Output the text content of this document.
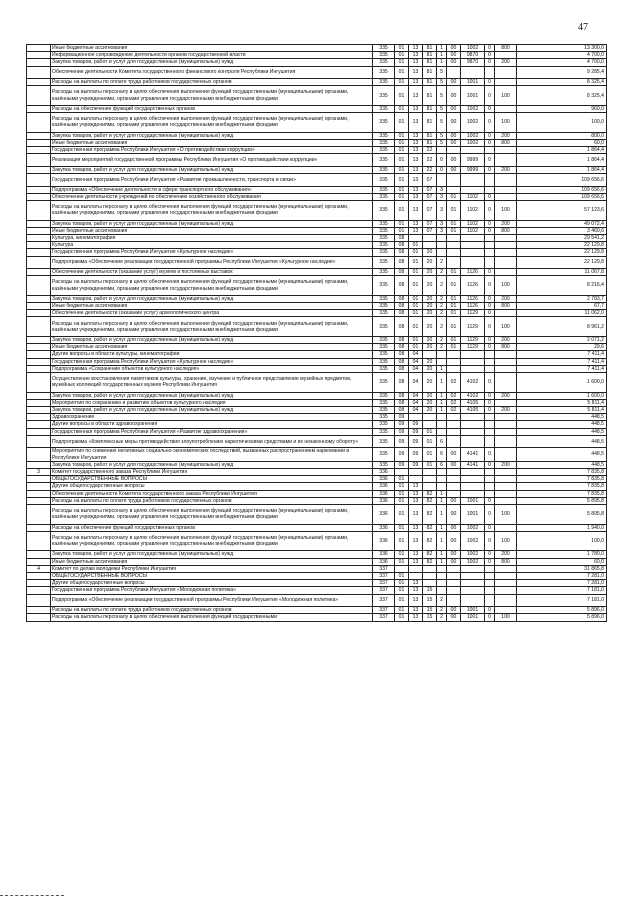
47
	Иные бюджетные ассигнования	335	01	13	81	1	00	1002	0	800	13 300,0
	Информационное сопровождение деятельности органов государственной власти	335	01	13	81	1	00	9870	0		4 700,0
	Закупка товаров, работ и услуг для государственных (муниципальных) нужд	335	01	13	81	1	00	9870	0	200	4 700,0
	Обеспечение деятельности Комитета государственного финансового контроля Республики Ингушетия	335	01	13	81	5					9 285,4
	Расходы на выплаты по оплате труда работников государственных органов	335	01	13	81	5	00	1001	0		8 325,4
	Расходы на выплаты персоналу в целях обеспечения выполнения функций государственными (муниципальными) органами, казёнными учреждениями, органами управления государственными внебюджетными фондами	335	01	13	81	5	00	1001	0	100	8 325,4
	Расходы на обеспечение функций государственных органов	335	01	13	81	5	00	1002	0		960,0
	Расходы на выплаты персоналу в целях обеспечения выполнения функций государственными (муниципальными) органами, казёнными учреждениями, органами управления государственными внебюджетными фондами	335	01	13	81	5	00	1002	0	100	100,0
	Закупка товаров, работ и услуг для государственных (муниципальных) нужд	335	01	13	81	5	00	1002	0	200	800,0
	Иные бюджетные ассигнования	335	01	13	81	5	00	1002	0	800	60,0
	Государственная программа Республики Ингушетия «О противодействии коррупции»	335	01	13	22						1 864,4
	Реализация мероприятий государственной программы Республики Ингушетия «О противодействии коррупции»	335	01	13	22	0	00	9999	0		1 864,4
	Закупка товаров, работ и услуг для государственных (муниципальных) нужд	335	01	13	22	0	00	9999	0	200	1 864,4
	Государственная программа Республики Ингушетия «Развитие промышленности, транспорта и связи»	335	01	13	07						109 656,6
	Подпрограмма «Обеспечение деятельности в сфере транспортного обслуживания»	335	01	13	07	3					109 656,6
	Обеспечение деятельности учреждений по обеспечению хозяйственного обслуживания	335	01	13	07	3	01	1102	0		109 656,6
	Расходы на выплаты персоналу в целях обеспечения выполнения функций государственными (муниципальными) органами, казёнными учреждениями, органами управления государственными внебюджетными фондами	335	01	13	07	3	01	1102	0	100	57 123,6
	Закупка товаров, работ и услуг для государственных (муниципальных) нужд	335	01	13	07	3	01	1102	0	200	49 072,4
	Иные бюджетные ассигнования	335	01	13	07	3	01	1102	0	800	3 460,6
	Культура, кинематография	335	08								29 541,2
	Культура	335	08	01							22 129,8
	Государственная программа Республики Ингушетия «Культурное наследие»	335	08	01	20						22 129,8
	Подпрограмма «Обеспечение реализации государственной программы Республики Ингушетия «Культурное наследие»	335	08	01	20	2					22 129,8
	Обеспечение деятельности (оказание услуг) музеев и постоянных выставок	335	08	01	20	2	01	1126	0		11 067,8
	Расходы на выплаты персоналу в целях обеспечения выполнения функций государственными (муниципальными) органами, казёнными учреждениями, органами управления государственными внебюджетными фондами	335	08	01	20	2	01	1126	0	100	8 216,4
	Закупка товаров, работ и услуг для государственных (муниципальных) нужд	335	08	01	20	2	01	1126	0	200	2 783,7
	Иные бюджетные ассигнования	335	08	01	20	2	01	1126	0	800	67,7
	Обеспечение деятельности (оказание услуг) археологического центра	335	08	01	20	2	01	1129	0		11 062,0
	Расходы на выплаты персоналу в целях обеспечения выполнения функций государственными (муниципальными) органами, казёнными учреждениями, органами управления государственными внебюджетными фондами	335	08	01	20	2	01	1129	0	100	8 961,2
	Закупка товаров, работ и услуг для государственных (муниципальных) нужд	335	08	01	20	2	01	1129	0	200	2 071,2
	Иные бюджетные ассигнования	335	08	01	20	2	01	1129	0	800	29,6
	Другие вопросы в области культуры, кинематографии	335	08	04							7 411,4
	Государственная программа Республики Ингушетия «Культурное наследие»	335	08	04	20						7 411,4
	Подпрограмма «Сохранение объектов культурного наследия»	335	08	04	20	1					7 411,4
	Осуществление восстановления памятников культуры, хранение, изучение и публичное представление музейных предметов, музейных коллекций государственных музеев Республики Ингушетия	335	08	04	20	1	02	4102	0		1 600,0
	Закупка товаров, работ и услуг для государственных (муниципальных) нужд	335	08	04	20	1	02	4102	0	200	1 600,0
	Мероприятия по сохранению и развитию объектов культурного наследия	335	08	04	20	1	02	4105	0		5 811,4
	Закупка товаров, работ и услуг для государственных (муниципальных) нужд	335	08	04	20	1	02	4105	0	200	5 811,4
	Здравоохранение	335	09								448,5
	Другие вопросы в области здравоохранения	335	09	09							448,5
	Государственная программа Республики Ингушетия «Развитие здравоохранения»	335	09	09	01						448,5
	Подпрограмма «Комплексные меры противодействия злоупотреблению наркотическими средствами и их незаконному обороту»	335	09	09	01	6					448,5
	Мероприятия по снижению негативных социально-экономических последствий, вызванных распространением наркомании в Республике Ингушетия	335	09	09	01	6	00	4141	0		448,5
	Закупка товаров, работ и услуг для государственных (муниципальных) нужд	335	09	09	01	6	00	4141	0	200	448,5
3	Комитет государственного заказа Республики Ингушетия	336									7 835,8
	ОБЩЕГОСУДАРСТВЕННЫЕ ВОПРОСЫ	336	01								7 835,8
	Другие общегосударственные вопросы	336	01	13							7 835,8
	Обеспечение деятельности Комитета государственного заказа Республики Ингушетия	336	01	13	82	1					7 835,8
	Расходы на выплаты по оплате труда работников государственных органов	336	01	13	82	1	00	1001	0		5 895,8
	Расходы на выплаты персоналу в целях обеспечения выполнения функций государственными (муниципальными) органами, казёнными учреждениями, органами управления государственными внебюджетными фондами	336	01	13	82	1	00	1001	0	100	5 895,8
	Расходы на обеспечение функций государственных органов	336	01	13	82	1	00	1002	0		1 940,0
	Расходы на выплаты персоналу в целях обеспечения выполнения функций государственными (муниципальными) органами, казёнными учреждениями, органами управления государственными внебюджетными фондами	336	01	13	82	1	00	1002	0	100	100,0
	Закупка товаров, работ и услуг для государственных (муниципальных) нужд	336	01	13	82	1	00	1002	0	200	1 780,0
	Иные бюджетные ассигнования	336	01	13	82	1	00	1002	0	800	60,0
4	Комитет по делам молодежи Республики Ингушетия	337									31 865,8
	ОБЩЕГОСУДАРСТВЕННЫЕ ВОПРОСЫ	337	01								7 281,0
	Другие общегосударственные вопросы	337	01	13							7 281,0
	Государственная программа Республики Ингушетия «Молодежная политика»	337	01	13	15						7 181,0
	Подпрограмма «Обеспечение реализации государственной программы Республики Ингушетия «Молодежная политика»	337	01	13	15	2					7 181,0
	Расходы на выплаты по оплате труда работников государственных органов	337	01	13	15	2	00	1001	0		5 896,0
	Расходы на выплаты персоналу в целях обеспечения выполнения функций государственными	337	01	13	15	2	00	1001	0	100	5 896,0
